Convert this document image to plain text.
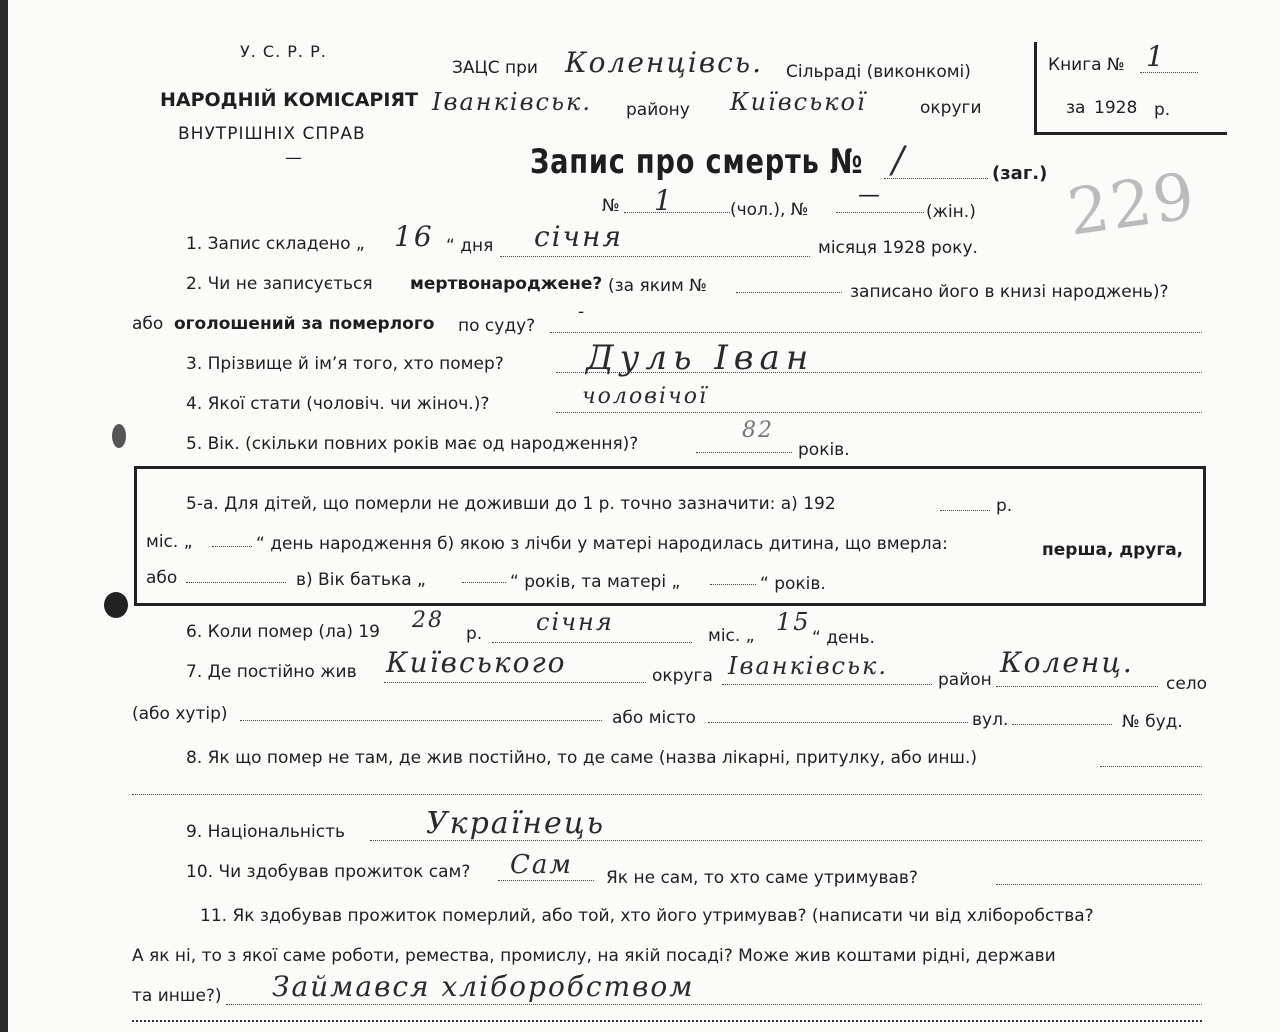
У. С. Р. Р.
НАРОДНІЙ КОМІСАРІЯТ
ВНУТРІШНІХ СПРАВ
—
ЗАЦС при Коленцівсь. Сільраді (виконкомі)
Іванківськ. району Київської	округи
Книга № 1
за 1928 р.
Запис про смерть № /	(заг.) 229
№ 1	(чол.), №
—
(жін.)
1. Запис складено „ 16 “ дня січня	місяця 1928 року.
2. Чи не записується мертвонароджене? (за яким №	записано його в книзі народжень)?
або оголошений за померлого по суду?
-
3. Прізвище й ім’я того, хто помер? Дуль Іван
4. Якої стати (чоловіч. чи жіноч.)?	чоловічої
5. Вік. (скільки повних років має од народження)?
82
років.
5-а. Для дітей, що померли не доживши до 1 р. точно зазначити: а) 192	р.
міс. „	“ день народження б) якою з лічби у матері народилась дитина, що вмерла:	перша, друга,
або	в) Вік батька „	“ років, та матері „	“ років.
6. Коли помер (ла) 19 28
р. січня	міс. „ 15
“ день.
7. Де постійно жив Київського	округа Іванківськ.	район
Коленц.
село
(або хутір)	або місто	вул.	№ буд.
8. Як що помер не там, де жив постійно, то де саме (назва лікарні, притулку, або инш.)
9. Національність	Українець
10. Чи здобував прожиток сам? Сам Як не сам, то хто саме утримував?
11. Як здобував прожиток померлий, або той, хто його утримував? (написати чи від хліборобства?
А як ні, то з якої саме роботи, ремества, промислу, на якій посаді? Може жив коштами рідні, держави
та инше?) Займався хліборобством
